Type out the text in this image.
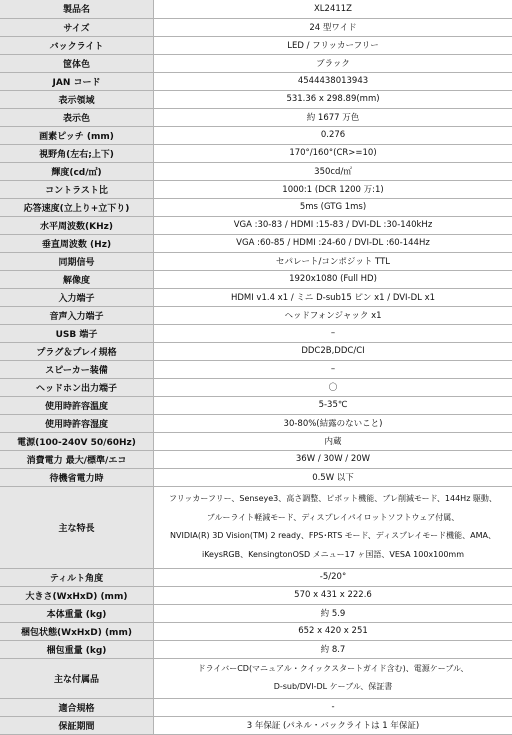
製品名	XL2411Z

サイズ	24 型ワイド

バックライト	LED / フリッカーフリー

筐体色	ブラック

JAN コード	4544438013943

表示領域	531.36 x 298.89(mm)

表示色	約 1677 万色

画素ピッチ (mm)	0.276

視野角(左右;上下)	170°/160°(CR>=10)

輝度(cd/㎡)	350cd/㎡

コントラスト比	1000:1 (DCR 1200 万:1)

応答速度(立上り+立下り)	5ms (GTG 1ms)

水平周波数(KHz)	VGA :30-83 / HDMI :15-83 / DVI-DL :30-140kHz

垂直周波数 (Hz)	VGA :60-85 / HDMI :24-60 / DVI-DL :60-144Hz

同期信号	セパレート/コンポジット TTL

解像度	1920x1080 (Full HD)

入力端子	HDMI v1.4 x1 / ミニ D-sub15 ピン x1 / DVI-DL x1

音声入力端子	ヘッドフォンジャック x1

USB 端子	–

プラグ＆プレイ規格	DDC2B,DDC/CI

スピーカー装備	–

ヘッドホン出力端子	〇

使用時許容温度	5-35℃

使用時許容湿度	30-80%(結露のないこと)

電源(100-240V 50/60Hz)	内蔵

消費電力 最大/標準/エコ	36W / 30W / 20W

待機省電力時	0.5W 以下

主な特長	フリッカーフリー、Senseye3、高さ調整、ピボット機能、ブレ削減モード、144Hz 駆動、
ブルーライト軽減モード、ディスプレイパイロットソフトウェア付属、
NVIDIA(R) 3D Vision(TM) 2 ready、FPS･RTS モード、ディスプレイモード機能、AMA、
iKeysRGB、KensingtonOSD メニュー17 ヶ国語、VESA 100x100mm

ティルト角度	-5/20°

大きさ(WxHxD) (mm)	570 x 431 x 222.6

本体重量 (kg)	約 5.9

梱包状態(WxHxD) (mm)	652 x 420 x 251

梱包重量 (kg)	約 8.7

主な付属品	ドライバーCD(マニュアル・クイックスタートガイド含む)、電源ケーブル、
D-sub/DVI-DL ケーブル、保証書

適合規格	-

保証期間	3 年保証 (パネル・バックライトは 1 年保証)
